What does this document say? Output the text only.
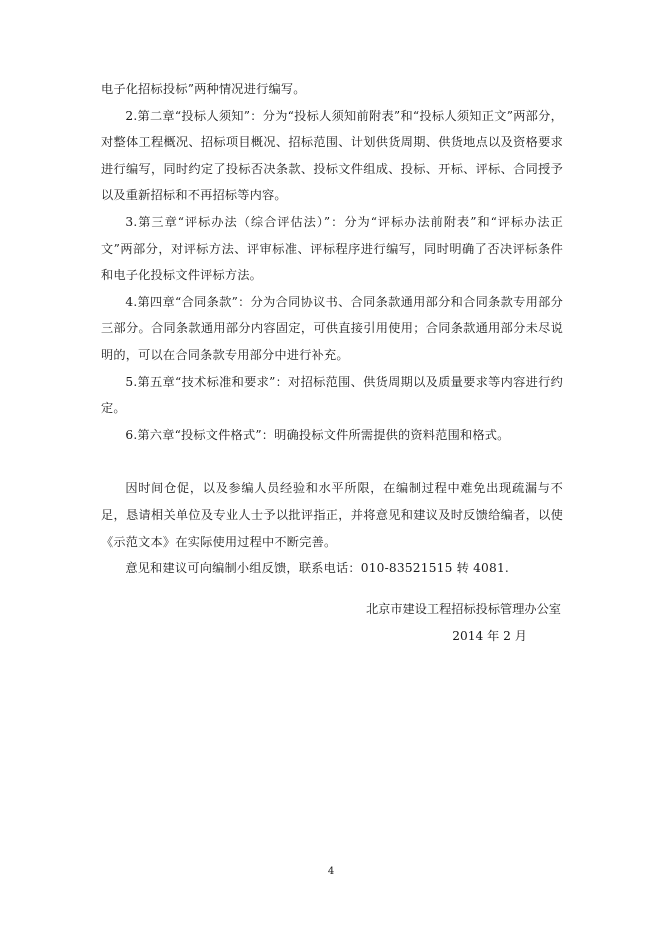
电子化招标投标”两种情况进行编写。

2.第二章“投标人须知”：分为“投标人须知前附表”和“投标人须知正文”两部分，对整体工程概况、招标项目概况、招标范围、计划供货周期、供货地点以及资格要求进行编写，同时约定了投标否决条款、投标文件组成、投标、开标、评标、合同授予以及重新招标和不再招标等内容。

3.第三章“评标办法（综合评估法）”：分为“评标办法前附表”和“评标办法正文”两部分，对评标方法、评审标准、评标程序进行编写，同时明确了否决评标条件和电子化投标文件评标方法。

4.第四章“合同条款”：分为合同协议书、合同条款通用部分和合同条款专用部分三部分。合同条款通用部分内容固定，可供直接引用使用；合同条款通用部分未尽说明的，可以在合同条款专用部分中进行补充。

5.第五章“技术标准和要求”：对招标范围、供货周期以及质量要求等内容进行约定。

6.第六章“投标文件格式”：明确投标文件所需提供的资料范围和格式。

因时间仓促，以及参编人员经验和水平所限，在编制过程中难免出现疏漏与不足，恳请相关单位及专业人士予以批评指正，并将意见和建议及时反馈给编者，以使《示范文本》在实际使用过程中不断完善。

意见和建议可向编制小组反馈，联系电话：010-83521515 转 4081.

北京市建设工程招标投标管理办公室
2014 年 2 月
4
